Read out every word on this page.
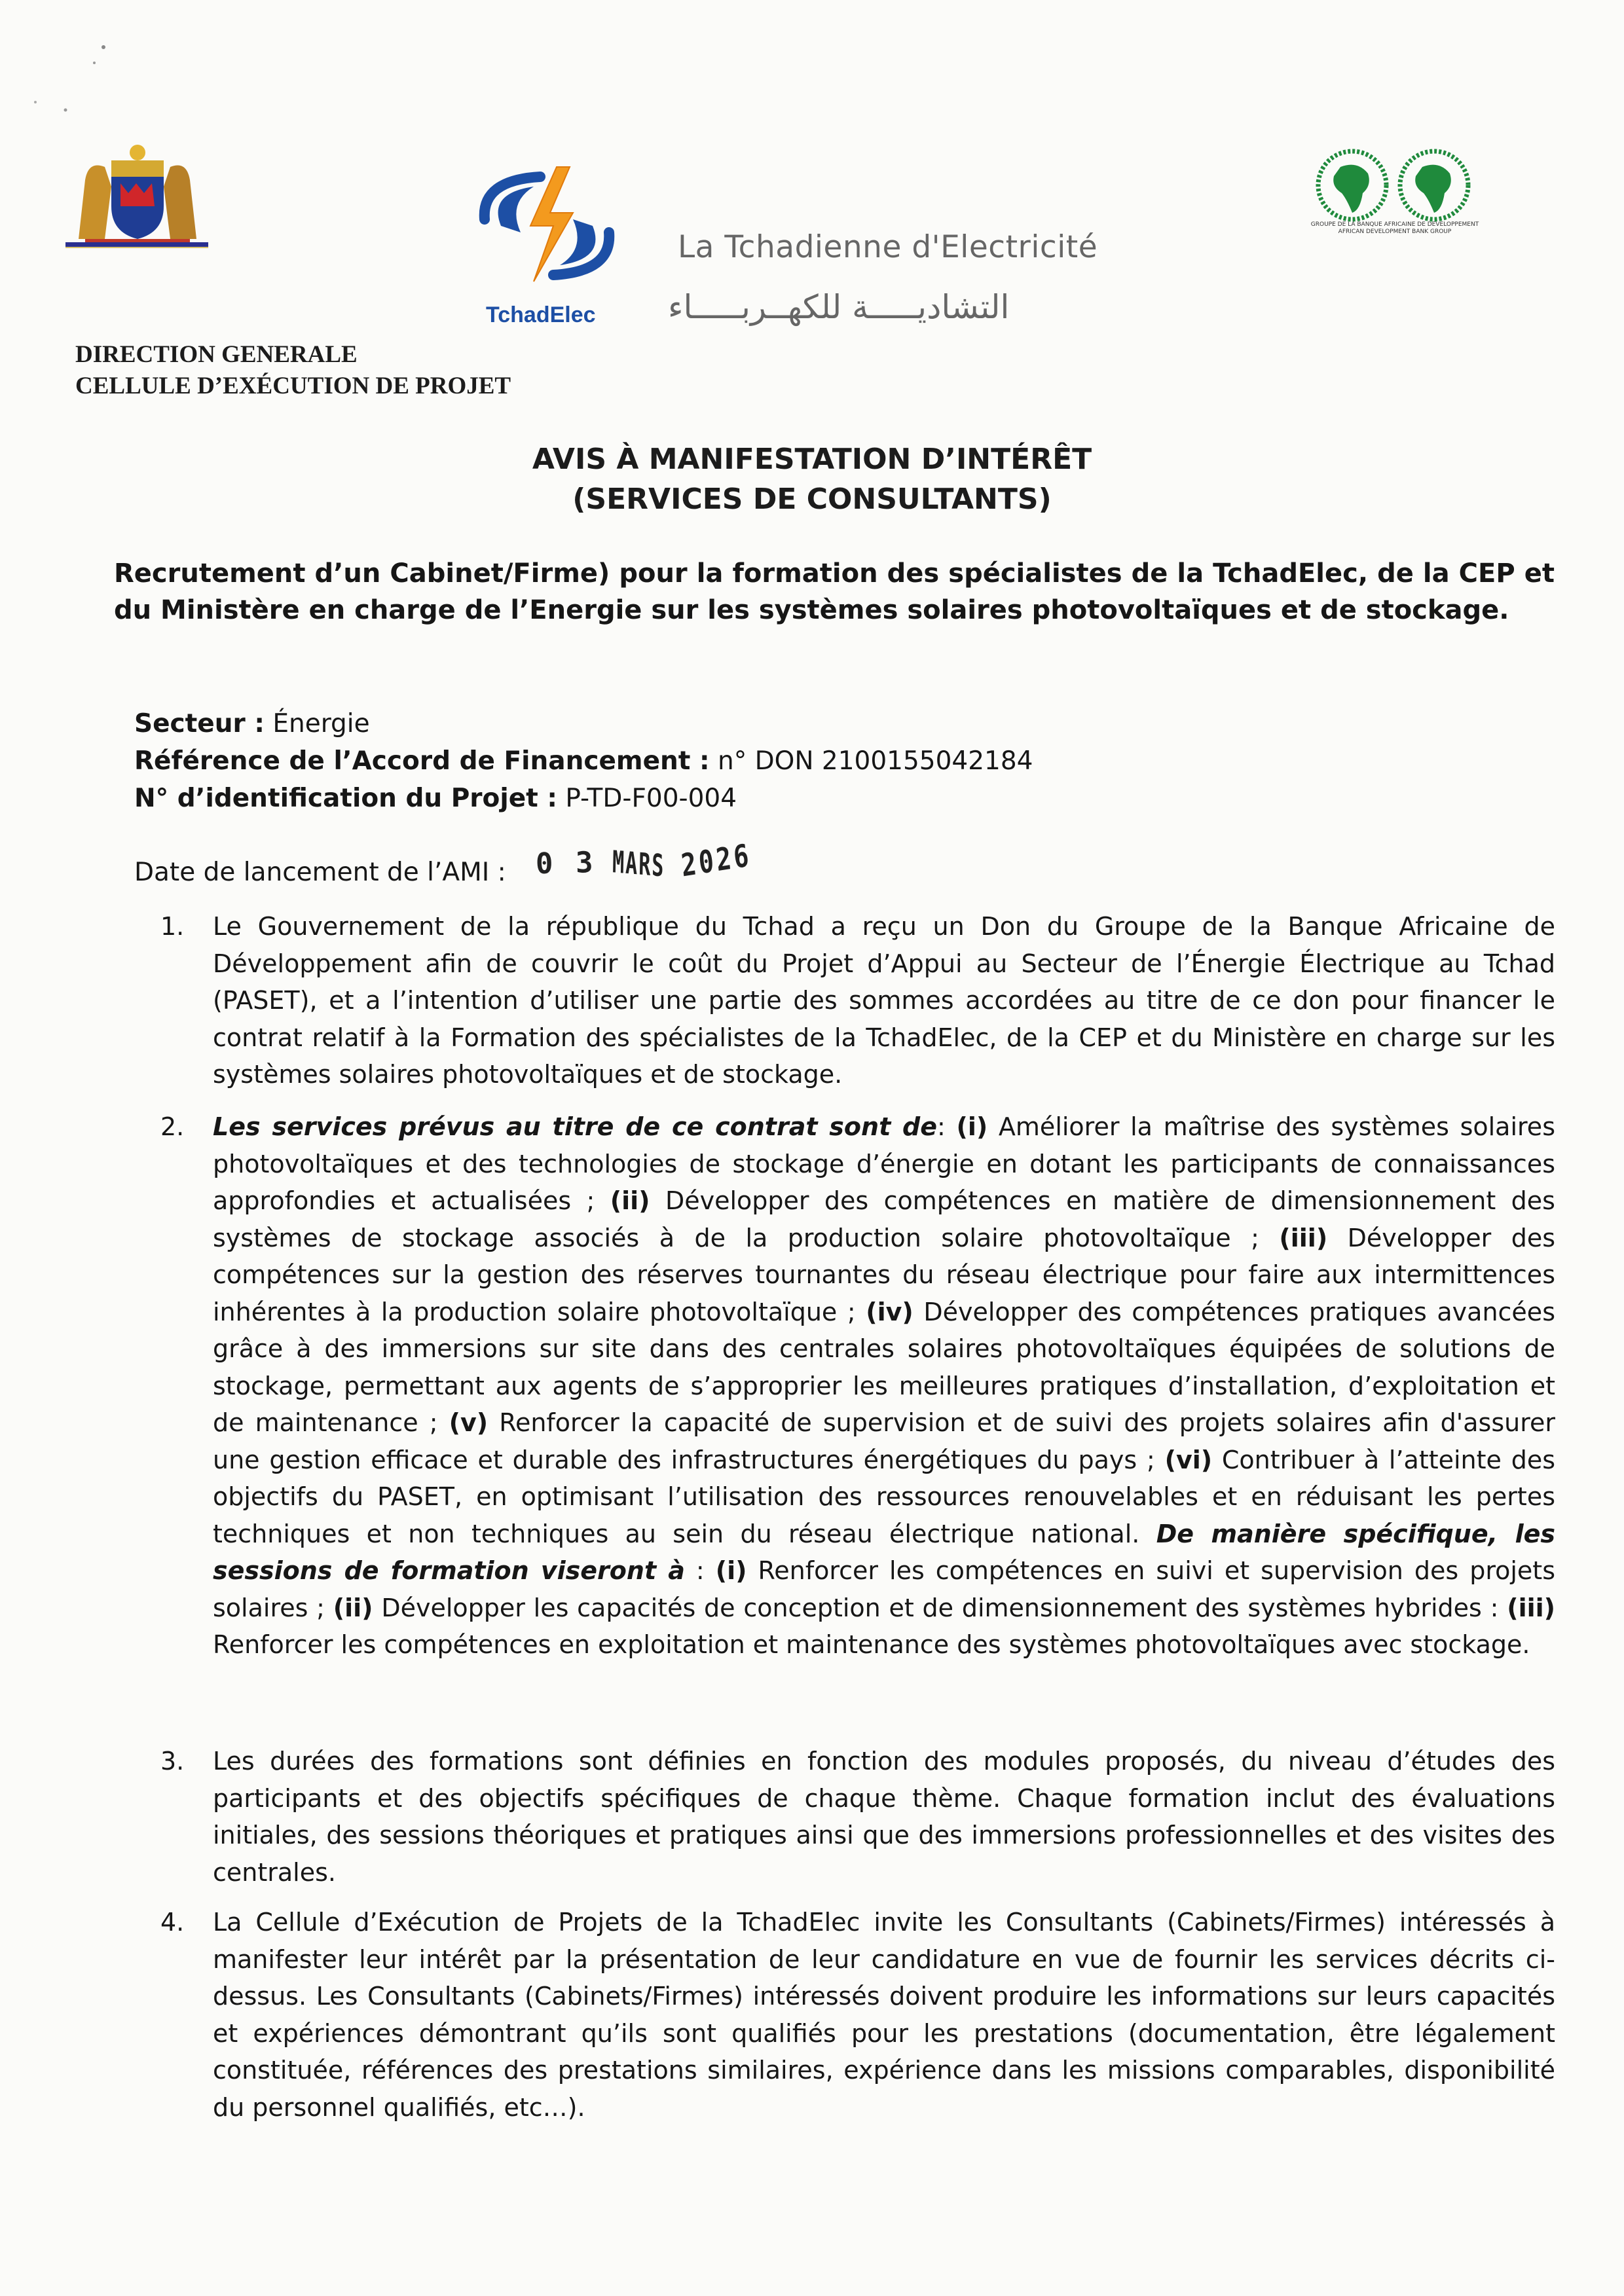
TchadElec
La Tchadienne d'Electricité
التشاديـــــة للكهــربـــــاء
GROUPE DE LA BANQUE AFRICAINE DE DEVELOPPEMENT AFRICAN DEVELOPMENT BANK GROUP
DIRECTION GENERALE
CELLULE D’EXÉCUTION DE PROJET
AVIS À MANIFESTATION D’INTÉRÊT
(SERVICES DE CONSULTANTS)
Recrutement d’un Cabinet/Firme) pour la formation des spécialistes de la TchadElec, de la CEP et du Ministère en charge de l’Energie sur les systèmes solaires photovoltaïques et de stockage.
Secteur : Énergie
Référence de l’Accord de Financement : n° DON 2100155042184
N° d’identification du Projet : P-TD-F00-004
Date de lancement de l’AMI : 0 3 MARS 2026
1.	Le Gouvernement de la république du Tchad a reçu un Don du Groupe de la Banque Africaine de Développement afin de couvrir le coût du Projet d’Appui au Secteur de l’Énergie Électrique au Tchad (PASET), et a l’intention d’utiliser une partie des sommes accordées au titre de ce don pour financer le contrat relatif à la Formation des spécialistes de la TchadElec, de la CEP et du Ministère en charge sur les systèmes solaires photovoltaïques et de stockage.
2.	Les services prévus au titre de ce contrat sont de: (i) Améliorer la maîtrise des systèmes solaires photovoltaïques et des technologies de stockage d’énergie en dotant les participants de connaissances approfondies et actualisées ; (ii) Développer des compétences en matière de dimensionnement des systèmes de stockage associés à de la production solaire photovoltaïque ; (iii) Développer des compétences sur la gestion des réserves tournantes du réseau électrique pour faire aux intermittences inhérentes à la production solaire photovoltaïque ; (iv) Développer des compétences pratiques avancées grâce à des immersions sur site dans des centrales solaires photovoltaïques équipées de solutions de stockage, permettant aux agents de s’approprier les meilleures pratiques d’installation, d’exploitation et de maintenance ; (v) Renforcer la capacité de supervision et de suivi des projets solaires afin d'assurer une gestion efficace et durable des infrastructures énergétiques du pays ; (vi) Contribuer à l’atteinte des objectifs du PASET, en optimisant l’utilisation des ressources renouvelables et en réduisant les pertes techniques et non techniques au sein du réseau électrique national. De manière spécifique, les sessions de formation viseront à : (i) Renforcer les compétences en suivi et supervision des projets solaires ; (ii) Développer les capacités de conception et de dimensionnement des systèmes hybrides : (iii) Renforcer les compétences en exploitation et maintenance des systèmes photovoltaïques avec stockage.
3.	Les durées des formations sont définies en fonction des modules proposés, du niveau d’études des participants et des objectifs spécifiques de chaque thème. Chaque formation inclut des évaluations initiales, des sessions théoriques et pratiques ainsi que des immersions professionnelles et des visites des centrales.
4.	La Cellule d’Exécution de Projets de la TchadElec invite les Consultants (Cabinets/Firmes) intéressés à manifester leur intérêt par la présentation de leur candidature en vue de fournir les services décrits ci-dessus. Les Consultants (Cabinets/Firmes) intéressés doivent produire les informations sur leurs capacités et expériences démontrant qu’ils sont qualifiés pour les prestations (documentation, être légalement constituée, références des prestations similaires, expérience dans les missions comparables, disponibilité du personnel qualifiés, etc…).
